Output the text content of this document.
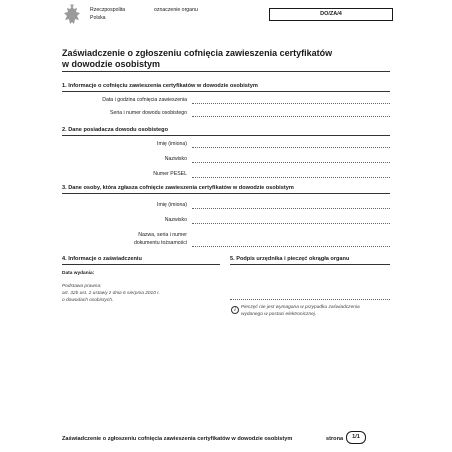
Rzeczpospolita
Polska
oznaczenie organu
DO/ZA/4
Zaświadczenie o zgłoszeniu cofnięcia zawieszenia certyfikatów
w dowodzie osobistym
1. Informacje o cofnięciu zawieszenia certyfikatów w dowodzie osobistym
Data i godzina cofnięcia zawieszenia
Seria i numer dowodu osobistego
2. Dane posiadacza dowodu osobistego
Imię (imiona)
Nazwisko
Numer PESEL
3. Dane osoby, która zgłasza cofnięcie zawieszenia certyfikatów w dowodzie osobistym
Imię (imiona)
Nazwisko
Nazwa, seria i numer
dokumentu tożsamości
4. Informacje o zaświadczeniu
Data wydania:
Podstawa prawna:
art. 32b ust. 2 ustawy z dnia 6 sierpnia 2010 r.
o dowodach osobistych.
5. Podpis urzędnika i pieczęć okrągła organu
i	Pieczęć nie jest wymagana w przypadku zaświadczenia
wydanego w postaci elektronicznej.
Zaświadczenie o zgłoszeniu cofnięcia zawieszenia certyfikatów w dowodzie osobistym	strona	1/1
